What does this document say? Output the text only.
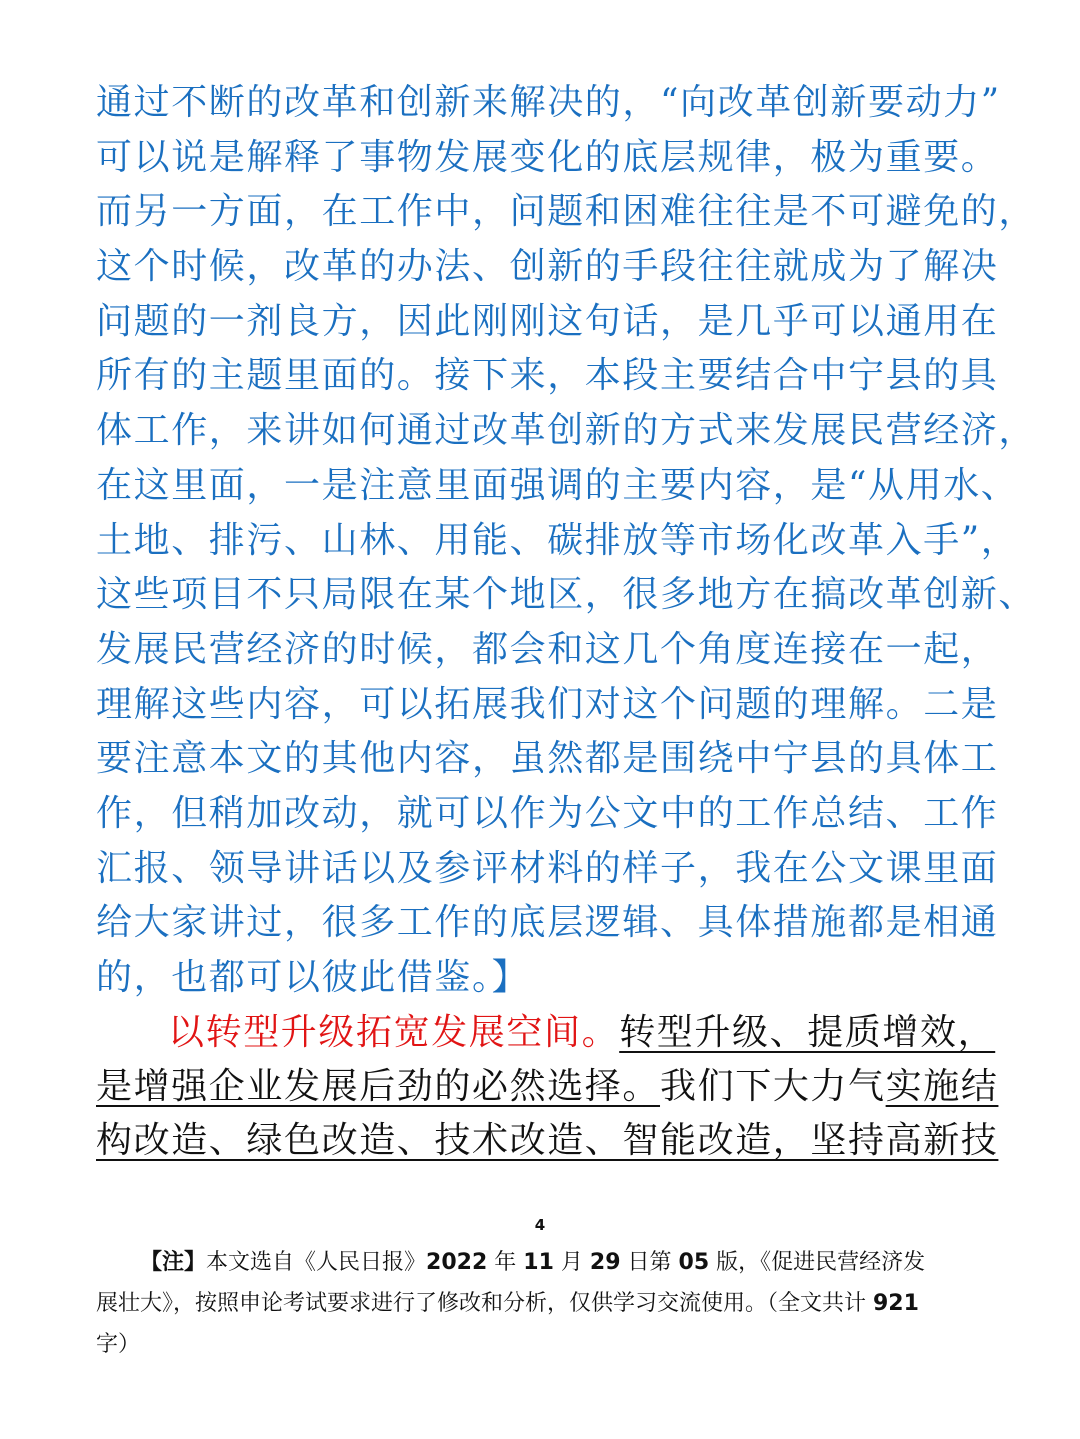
通过不断的改革和创新来解决的，“向改革创新要动力”
可以说是解释了事物发展变化的底层规律，极为重要。
而另一方面，在工作中，问题和困难往往是不可避免的，
这个时候，改革的办法、创新的手段往往就成为了解决
问题的一剂良方，因此刚刚这句话，是几乎可以通用在
所有的主题里面的。接下来，本段主要结合中宁县的具
体工作，来讲如何通过改革创新的方式来发展民营经济，
在这里面，一是注意里面强调的主要内容，是“从用水、
土地、排污、山林、用能、碳排放等市场化改革入手”，
这些项目不只局限在某个地区，很多地方在搞改革创新、
发展民营经济的时候，都会和这几个角度连接在一起，
理解这些内容，可以拓展我们对这个问题的理解。二是
要注意本文的其他内容，虽然都是围绕中宁县的具体工
作，但稍加改动，就可以作为公文中的工作总结、工作
汇报、领导讲话以及参评材料的样子，我在公文课里面
给大家讲过，很多工作的底层逻辑、具体措施都是相通
的，也都可以彼此借鉴。】
以转型升级拓宽发展空间。转型升级、提质增效，
是增强企业发展后劲的必然选择。我们下大力气实施结
构改造、绿色改造、技术改造、智能改造，坚持高新技
4
【注】本文选自《人民日报》2022 年 11 月 29 日第 05 版，《促进民营经济发
展壮大》，按照申论考试要求进行了修改和分析，仅供学习交流使用。（全文共计 921
字）
